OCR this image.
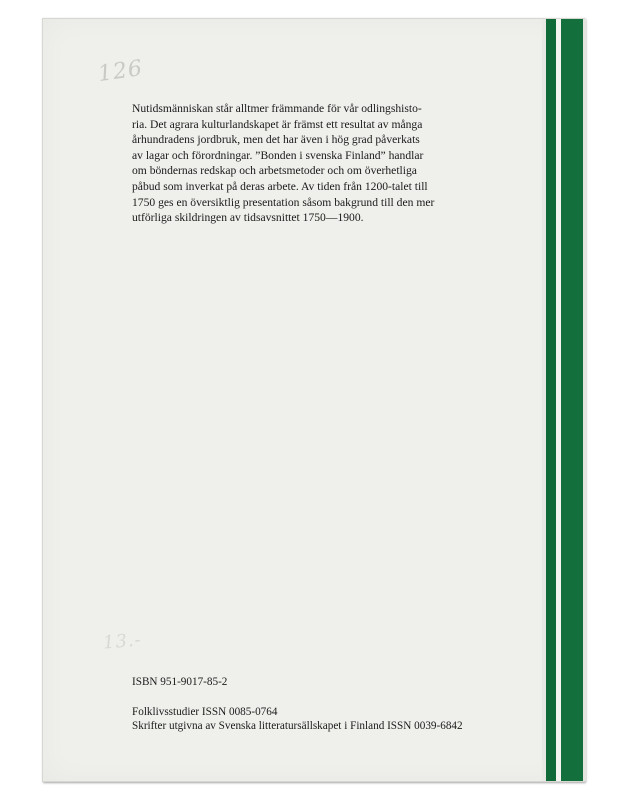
126
13.-
Nutidsmänniskan står alltmer främmande för vår odlingshisto-
ria. Det agrara kulturlandskapet är främst ett resultat av många
århundradens jordbruk, men det har även i hög grad påverkats
av lagar och förordningar. ”Bonden i svenska Finland” handlar
om böndernas redskap och arbetsmetoder och om överhetliga
påbud som inverkat på deras arbete. Av tiden från 1200-talet till
1750 ges en översiktlig presentation såsom bakgrund till den mer
utförliga skildringen av tidsavsnittet 1750—1900.
ISBN 951-9017-85-2
Folklivsstudier ISSN 0085-0764
Skrifter utgivna av Svenska litteratursällskapet i Finland ISSN 0039-6842
